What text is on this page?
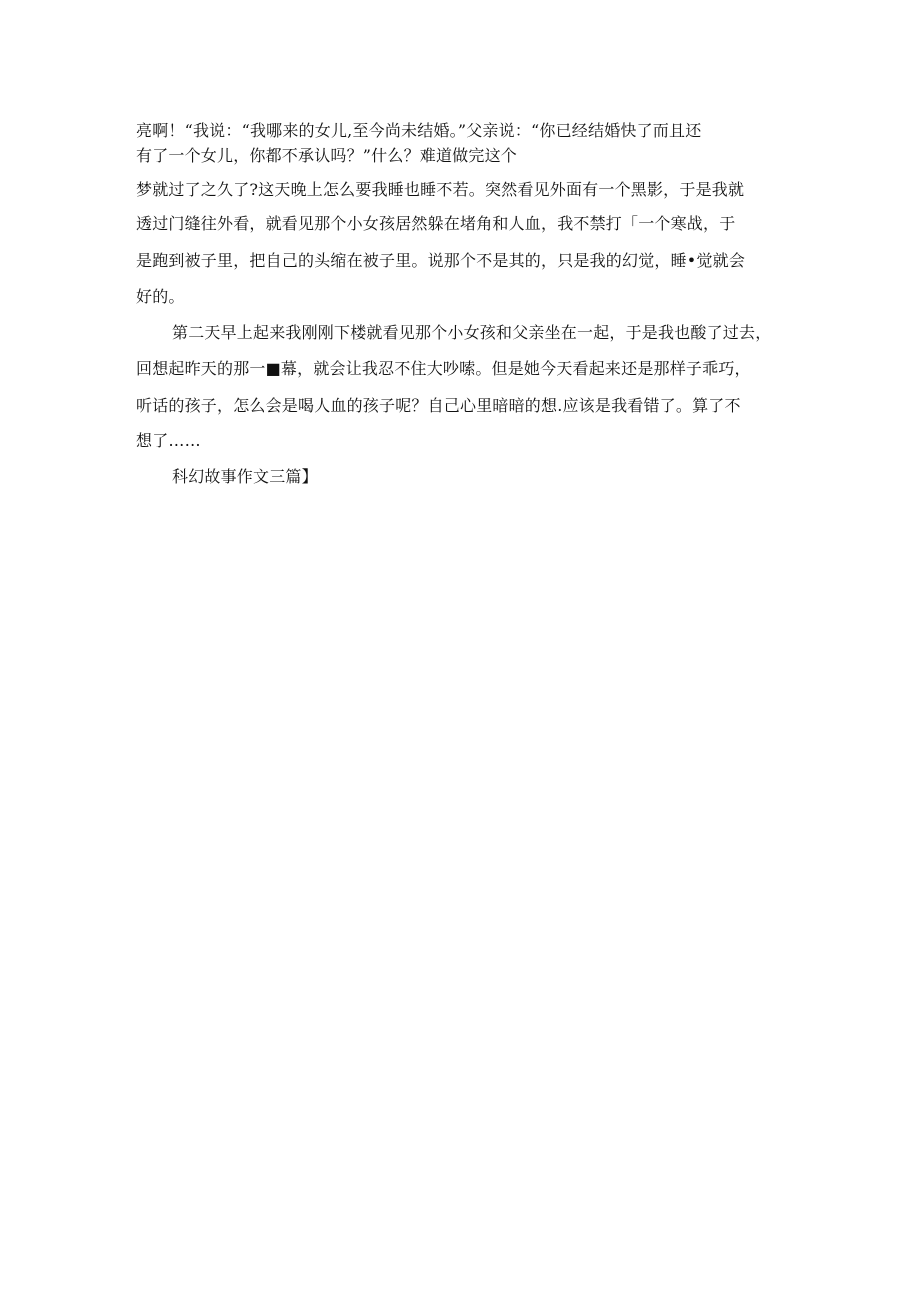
亮啊！“我说：“我哪来的女儿,至今尚未结婚。”父亲说：“你已经结婚快了而且还
有了一个女儿，你都不承认吗？”什么？难道做完这个
梦就过了之久了?这天晚上怎么要我睡也睡不若。突然看见外面有一个黑影，于是我就
透过门缝往外看，就看见那个小女孩居然躲在堵角和人血，我不禁打「一个寒战，于
是跑到被子里，把自己的头缩在被子里。说那个不是其的，只是我的幻觉，睡•觉就会
好的。
第二天早上起来我刚刚下楼就看见那个小女孩和父亲坐在一起，于是我也酸了过去，
回想起昨天的那一■幕，就会让我忍不住大吵嗦。但是她今天看起来还是那样子乖巧，
听话的孩子，怎么会是喝人血的孩子呢？自己心里暗暗的想.应该是我看错了。算了不
想了……
科幻故事作文三篇】
